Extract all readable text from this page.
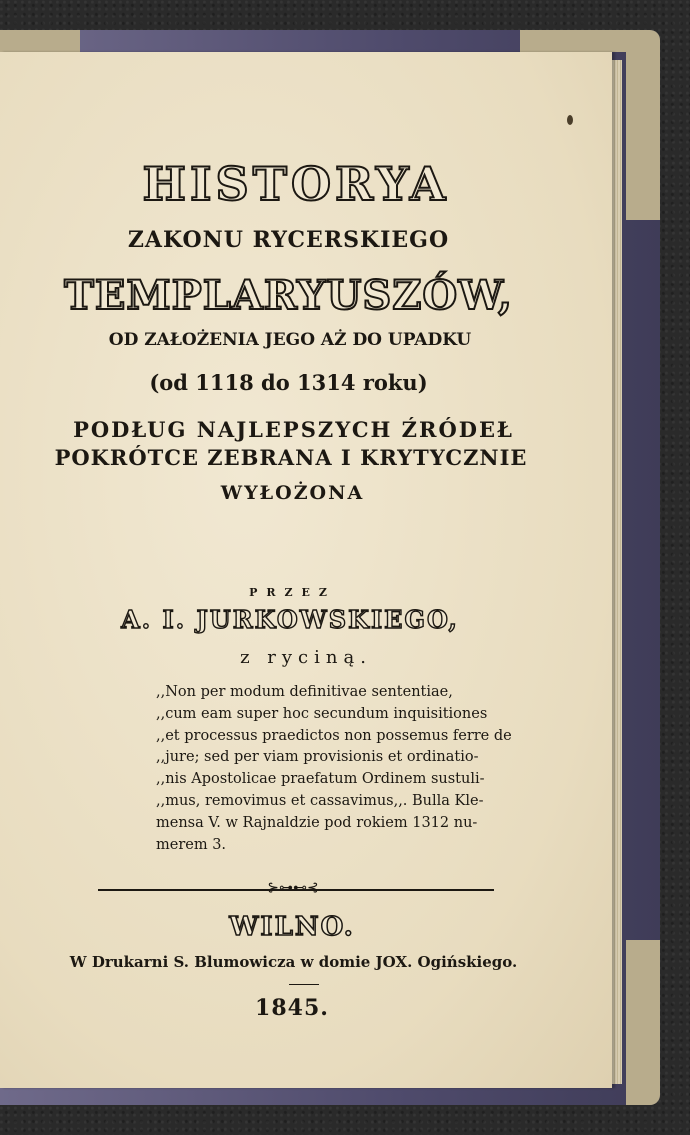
HISTORYA
ZAKONU RYCERSKIEGO
TEMPLARYUSZÓW,
OD ZAŁOŻENIA JEGO AŻ DO UPADKU
(od 1118 do 1314 roku)
PODŁUG NAJLEPSZYCH ŹRÓDEŁ
POKRÓTCE ZEBRANA I KRYTYCZNIE
WYŁOŻONA
PRZEZ
A. I. JURKOWSKIEGO,
z ryciną.
,,Non per modum definitivae sententiae,
,,cum eam super hoc secundum inquisitiones
,,et processus praedictos non possemus ferre de
,,jure; sed per viam provisionis et ordinatio-
,,nis Apostolicae praefatum Ordinem sustuli-
,,mus, removimus et cassavimus,,. Bulla Kle-
mensa V. w Rajnaldzie pod rokiem 1312 nu-
merem 3.
⊱⊶⊷⊰
WILNO.
W Drukarni S. Blumowicza w domie JOX. Ogińskiego.
1845.
